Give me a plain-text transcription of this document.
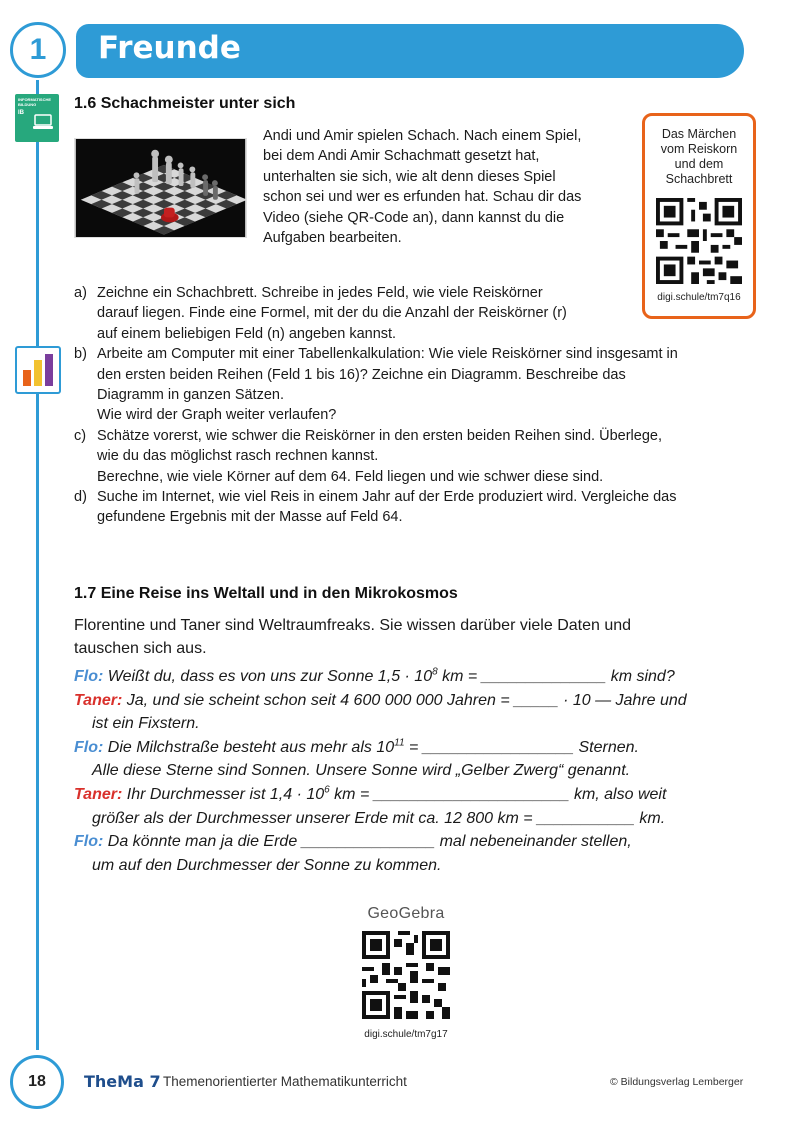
1	Freunde
INFORMATISCHE BILDUNG
IB
1.6 Schachmeister unter sich
Andi und Amir spielen Schach. Nach einem Spiel,
bei dem Andi Amir Schachmatt gesetzt hat,
unterhalten sie sich, wie alt denn dieses Spiel
schon sei und wer es erfunden hat. Schau dir das
Video (siehe QR-Code an), dann kannst du die
Aufgaben bearbeiten.
Das Märchen
vom Reiskorn
und dem
Schachbrett
digi.schule/tm7q16
a) Zeichne ein Schachbrett. Schreibe in jedes Feld, wie viele Reiskörner
darauf liegen. Finde eine Formel, mit der du die Anzahl der Reiskörner (r)
auf einem beliebigen Feld (n) angeben kannst.
b) Arbeite am Computer mit einer Tabellenkalkulation: Wie viele Reiskörner sind insgesamt in
den ersten beiden Reihen (Feld 1 bis 16)? Zeichne ein Diagramm. Beschreibe das
Diagramm in ganzen Sätzen.
Wie wird der Graph weiter verlaufen?
c) Schätze vorerst, wie schwer die Reiskörner in den ersten beiden Reihen sind. Überlege,
wie du das möglichst rasch rechnen kannst.
Berechne, wie viele Körner auf dem 64. Feld liegen und wie schwer diese sind.
d) Suche im Internet, wie viel Reis in einem Jahr auf der Erde produziert wird. Vergleiche das
gefundene Ergebnis mit der Masse auf Feld 64.
1.7 Eine Reise ins Weltall und in den Mikrokosmos
Florentine und Taner sind Weltraumfreaks. Sie wissen darüber viele Daten und
tauschen sich aus.
Flo: Weißt du, dass es von uns zur Sonne $1,5 \cdot 10^8$ km = ______________ km sind?
Taner: Ja, und sie scheint schon seit 4 600 000 000 Jahren = _____ · 10 ― Jahre und
ist ein Fixstern.
Flo: Die Milchstraße besteht aus mehr als $10^{11}$ = _________________ Sternen.
Alle diese Sterne sind Sonnen. Unsere Sonne wird „Gelber Zwerg“ genannt.
Taner: Ihr Durchmesser ist $1,4 \cdot 10^6$ km = ______________________ km, also weit
größer als der Durchmesser unserer Erde mit ca. 12 800 km = ___________ km.
Flo: Da könnte man ja die Erde _______________ mal nebeneinander stellen,
um auf den Durchmesser der Sonne zu kommen.
GeoGebra
digi.schule/tm7g17
18	TheMa 7 Themenorientierter Mathematikunterricht	© Bildungsverlag Lemberger
